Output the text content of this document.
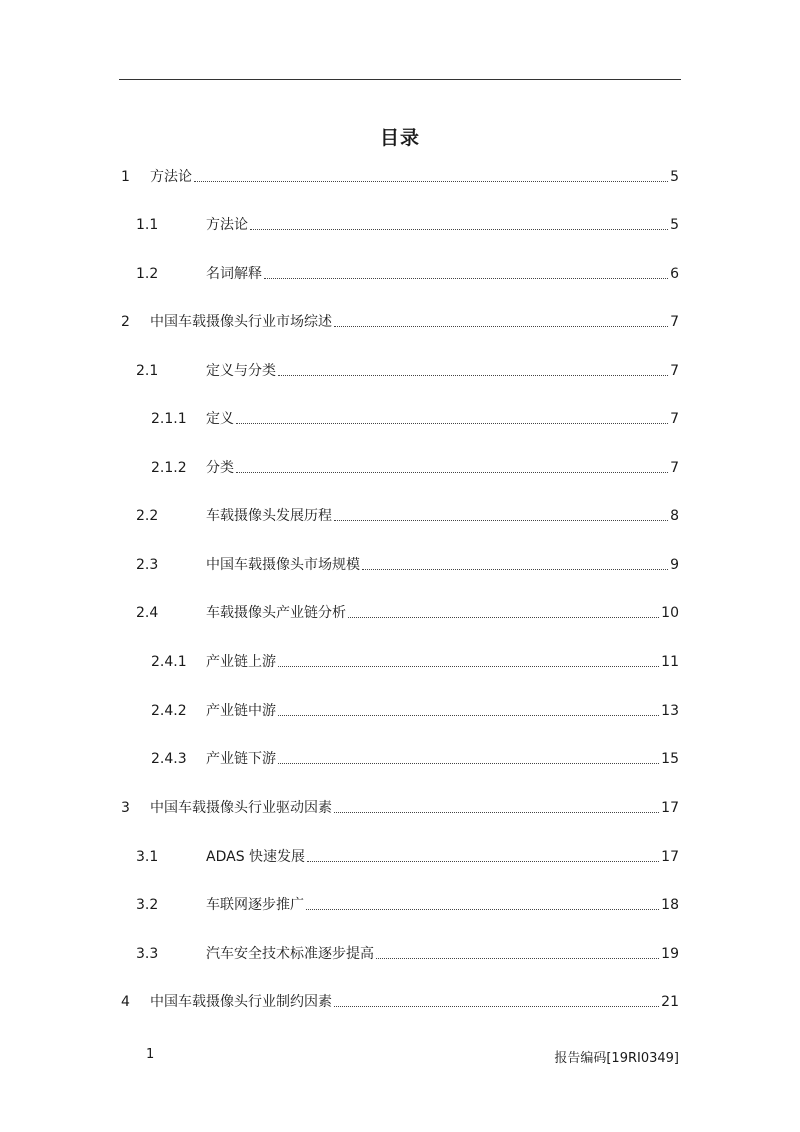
目录
1 方法论	5
1.1	方法论	5
1.2	名词解释	6
2 中国车载摄像头行业市场综述	7
2.1	定义与分类	7
2.1.1 定义	7
2.1.2 分类	7
2.2	车载摄像头发展历程	8
2.3	中国车载摄像头市场规模	9
2.4	车载摄像头产业链分析	10
2.4.1 产业链上游	11
2.4.2 产业链中游	13
2.4.3 产业链下游	15
3 中国车载摄像头行业驱动因素	17
3.1	ADAS 快速发展	17
3.2	车联网逐步推广	18
3.3	汽车安全技术标准逐步提高	19
4 中国车载摄像头行业制约因素	21
1	报告编码[19RI0349]
